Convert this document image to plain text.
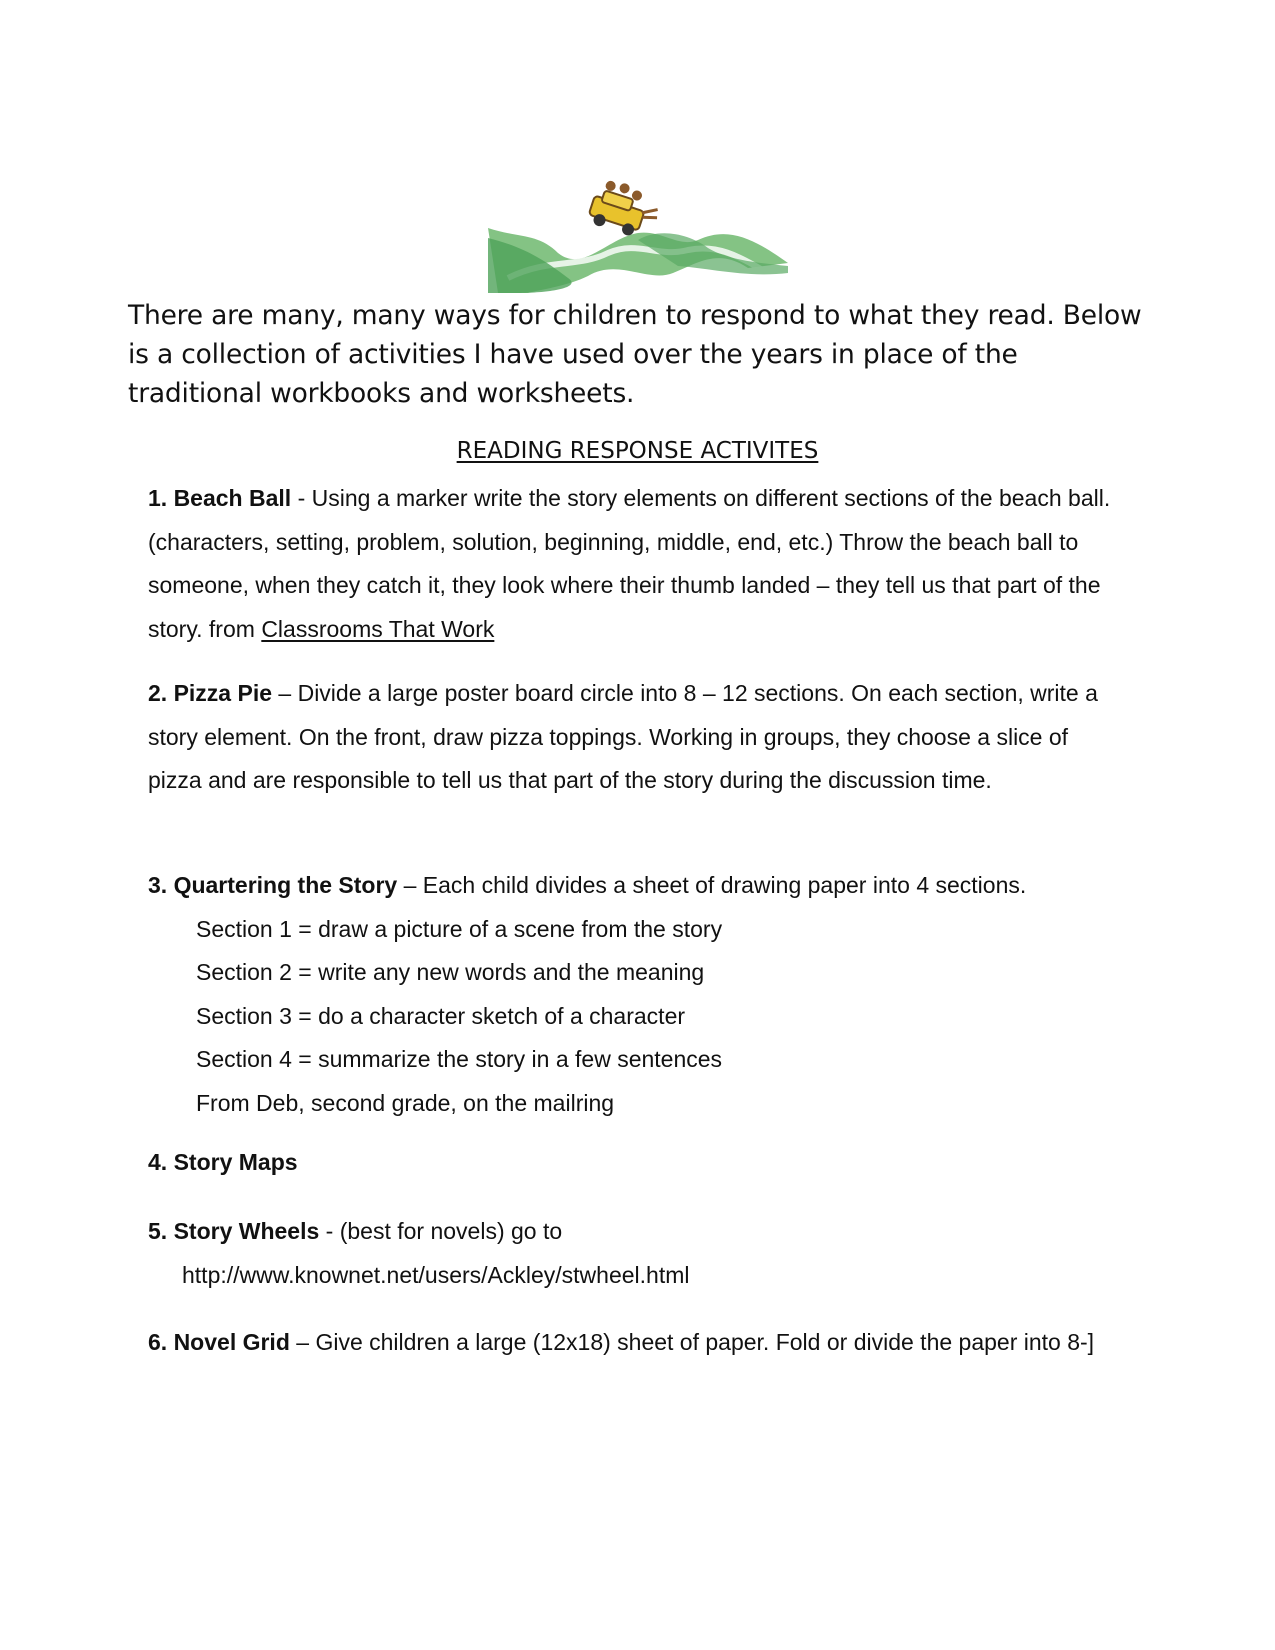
There are many, many ways for children to respond to what they read. Below is a collection of activities I have used over the years in place of the traditional workbooks and worksheets.
READING RESPONSE ACTIVITES
1. Beach Ball - Using a marker write the story elements on different sections of the beach ball. (characters, setting, problem, solution, beginning, middle, end, etc.) Throw the beach ball to someone, when they catch it, they look where their thumb landed – they tell us that part of the story. from Classrooms That Work
2. Pizza Pie – Divide a large poster board circle into 8 – 12 sections. On each section, write a story element. On the front, draw pizza toppings. Working in groups, they choose a slice of pizza and are responsible to tell us that part of the story during the discussion time.
3. Quartering the Story – Each child divides a sheet of drawing paper into 4 sections.
Section 1 = draw a picture of a scene from the story
Section 2 = write any new words and the meaning
Section 3 = do a character sketch of a character
Section 4 = summarize the story in a few sentences
From Deb, second grade, on the mailring
4. Story Maps
5. Story Wheels - (best for novels) go to
http://www.knownet.net/users/Ackley/stwheel.html
6. Novel Grid – Give children a large (12x18) sheet of paper. Fold or divide the paper into 8-]
